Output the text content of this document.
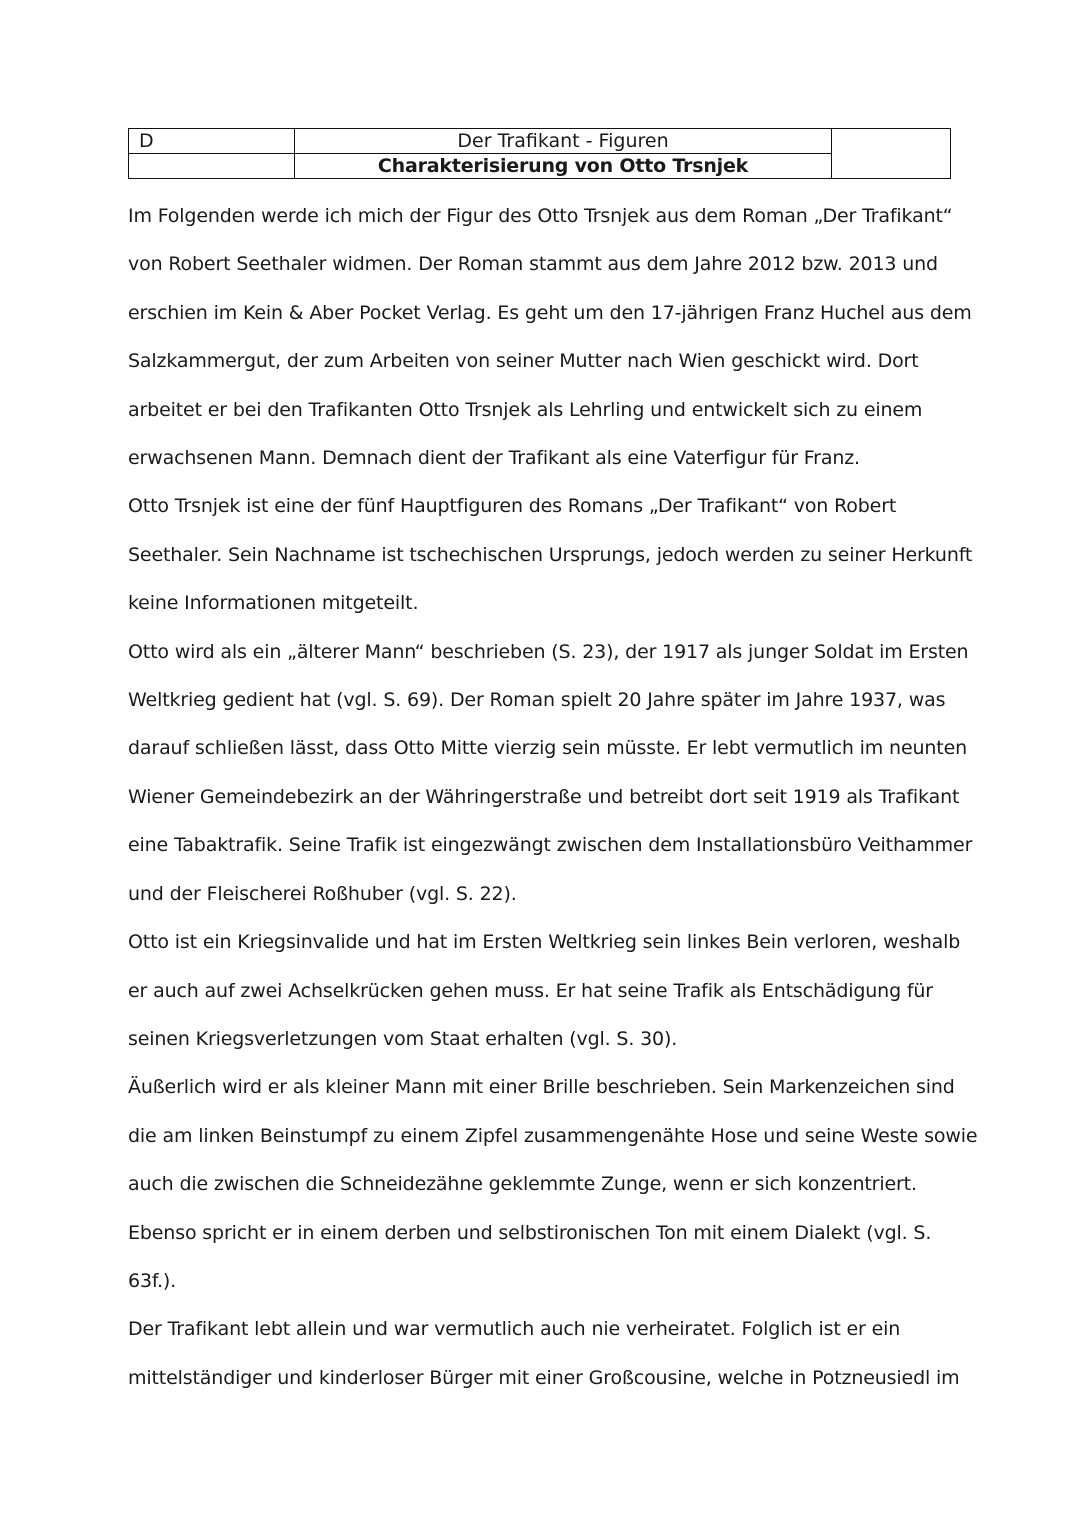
D	Der Trafikant - Figuren	
	Charakterisierung von Otto Trsnjek	

Im Folgenden werde ich mich der Figur des Otto Trsnjek aus dem Roman „Der Trafikant“

von Robert Seethaler widmen. Der Roman stammt aus dem Jahre 2012 bzw. 2013 und

erschien im Kein & Aber Pocket Verlag. Es geht um den 17-jährigen Franz Huchel aus dem

Salzkammergut, der zum Arbeiten von seiner Mutter nach Wien geschickt wird. Dort

arbeitet er bei den Trafikanten Otto Trsnjek als Lehrling und entwickelt sich zu einem

erwachsenen Mann. Demnach dient der Trafikant als eine Vaterfigur für Franz.

Otto Trsnjek ist eine der fünf Hauptfiguren des Romans „Der Trafikant“ von Robert

Seethaler. Sein Nachname ist tschechischen Ursprungs, jedoch werden zu seiner Herkunft

keine Informationen mitgeteilt.

Otto wird als ein „älterer Mann“ beschrieben (S. 23), der 1917 als junger Soldat im Ersten

Weltkrieg gedient hat (vgl. S. 69). Der Roman spielt 20 Jahre später im Jahre 1937, was

darauf schließen lässt, dass Otto Mitte vierzig sein müsste. Er lebt vermutlich im neunten

Wiener Gemeindebezirk an der Währingerstraße und betreibt dort seit 1919 als Trafikant

eine Tabaktrafik. Seine Trafik ist eingezwängt zwischen dem Installationsbüro Veithammer

und der Fleischerei Roßhuber (vgl. S. 22).

Otto ist ein Kriegsinvalide und hat im Ersten Weltkrieg sein linkes Bein verloren, weshalb

er auch auf zwei Achselkrücken gehen muss. Er hat seine Trafik als Entschädigung für

seinen Kriegsverletzungen vom Staat erhalten (vgl. S. 30).

Äußerlich wird er als kleiner Mann mit einer Brille beschrieben. Sein Markenzeichen sind

die am linken Beinstumpf zu einem Zipfel zusammengenähte Hose und seine Weste sowie

auch die zwischen die Schneidezähne geklemmte Zunge, wenn er sich konzentriert.

Ebenso spricht er in einem derben und selbstironischen Ton mit einem Dialekt (vgl. S.

63f.).

Der Trafikant lebt allein und war vermutlich auch nie verheiratet. Folglich ist er ein

mittelständiger und kinderloser Bürger mit einer Großcousine, welche in Potzneusiedl im
